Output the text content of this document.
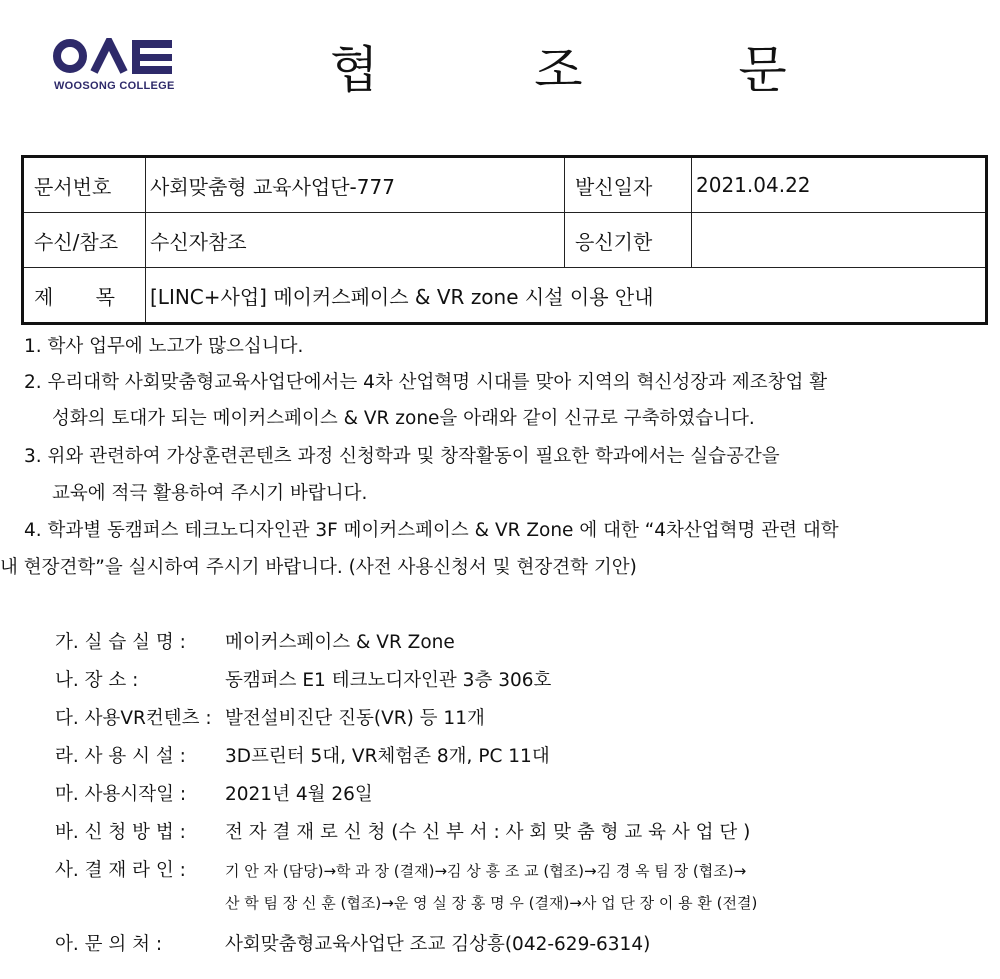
WOOSONG COLLEGE	협 조 문
문서번호	사회맞춤형 교육사업단-777	발신일자	2021.04.22
수신/참조	수신자참조	응신기한	
제 목	[LINC+사업] 메이커스페이스 & VR zone 시설 이용 안내		
1. 학사 업무에 노고가 많으십니다.
2. 우리대학 사회맞춤형교육사업단에서는 4차 산업혁명 시대를 맞아 지역의 혁신성장과 제조창업 활
성화의 토대가 되는 메이커스페이스 & VR zone을 아래와 같이 신규로 구축하였습니다.
3. 위와 관련하여 가상훈련콘텐츠 과정 신청학과 및 창작활동이 필요한 학과에서는 실습공간을
교육에 적극 활용하여 주시기 바랍니다.
4. 학과별 동캠퍼스 테크노디자인관 3F 메이커스페이스 & VR Zone 에 대한 “4차산업혁명 관련 대학
내 현장견학”을 실시하여 주시기 바랍니다. (사전 사용신청서 및 현장견학 기안)
가. 실 습 실 명 : 메이커스페이스 & VR Zone
나. 장 소 :	동캠퍼스 E1 테크노디자인관 3층 306호
다. 사용VR컨텐츠 : 발전설비진단 진동(VR) 등 11개
라. 사 용 시 설 : 3D프린터 5대, VR체험존 8개, PC 11대
마. 사용시작일 : 2021년 4월 26일
바. 신 청 방 법 : 전 자 결 재 로 신 청 (수 신 부 서 : 사 회 맞 춤 형 교 육 사 업 단 )
사. 결 재 라 인 :	기 안 자 (담당)→학 과 장 (결재)→김 상 흥 조 교 (협조)→김 경 옥 팀 장 (협조)→
산 학 팀 장 신 훈 (협조)→운 영 실 장 홍 명 우 (결재)→사 업 단 장 이 용 환 (전결)
아. 문 의 처 :	사회맞춤형교육사업단 조교 김상흥(042-629-6314)
